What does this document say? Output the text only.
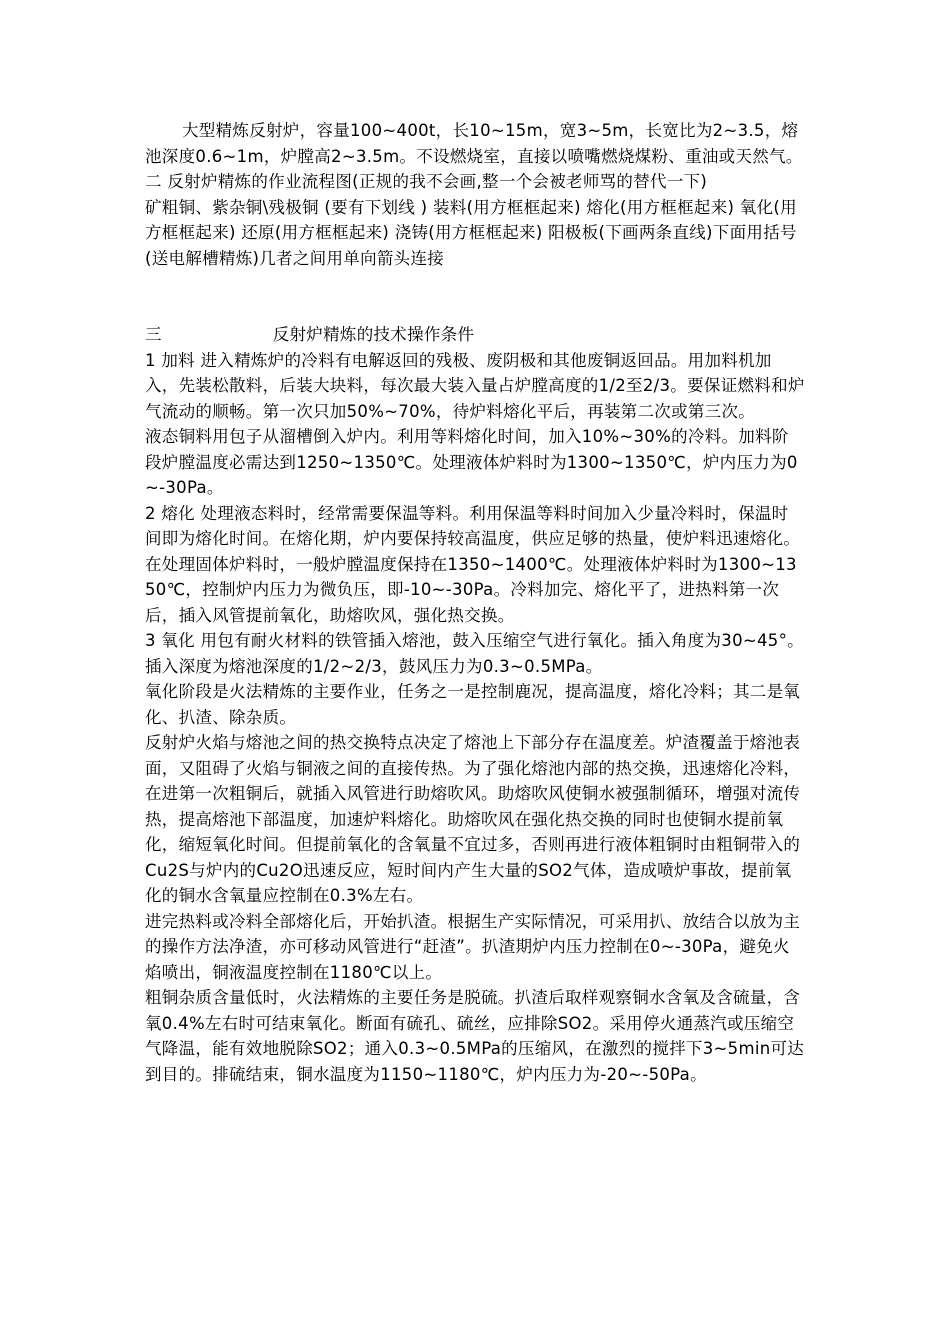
大型精炼反射炉，容量100~400t，长10~15m，宽3~5m，长宽比为2~3.5，熔池深度0.6~1m，炉膛高2~3.5m。不设燃烧室，直接以喷嘴燃烧煤粉、重油或天然气。

二 反射炉精炼的作业流程图(正规的我不会画,整一个会被老师骂的替代一下)

矿粗铜、紫杂铜\残极铜 (要有下划线 ) 装料(用方框框起来) 熔化(用方框框起来) 氧化(用方框框起来) 还原(用方框框起来) 浇铸(用方框框起来) 阳极板(下画两条直线)下面用括号(送电解槽精炼)几者之间用单向箭头连接

三                    反射炉精炼的技术操作条件

1 加料 进入精炼炉的冷料有电解返回的残极、废阴极和其他废铜返回品。用加料机加入，先装松散料，后装大块料，每次最大装入量占炉膛高度的1/2至2/3。要保证燃料和炉气流动的顺畅。第一次只加50%~70%，待炉料熔化平后，再装第二次或第三次。

液态铜料用包子从溜槽倒入炉内。利用等料熔化时间，加入10%~30%的冷料。加料阶段炉膛温度必需达到1250~1350℃。处理液体炉料时为1300~1350℃，炉内压力为0~-30Pa。

2 熔化 处理液态料时，经常需要保温等料。利用保温等料时间加入少量冷料时，保温时间即为熔化时间。在熔化期，炉内要保持较高温度，供应足够的热量，使炉料迅速熔化。在处理固体炉料时，一般炉膛温度保持在1350~1400℃。处理液体炉料时为1300~1350℃，控制炉内压力为微负压，即-10~-30Pa。冷料加完、熔化平了，进热料第一次后，插入风管提前氧化，助熔吹风，强化热交换。

3 氧化 用包有耐火材料的铁管插入熔池，鼓入压缩空气进行氧化。插入角度为30~45°。插入深度为熔池深度的1/2~2/3，鼓风压力为0.3~0.5MPa。

氧化阶段是火法精炼的主要作业，任务之一是控制鹿况，提高温度，熔化冷料；其二是氧化、扒渣、除杂质。

反射炉火焰与熔池之间的热交换特点决定了熔池上下部分存在温度差。炉渣覆盖于熔池表面，又阻碍了火焰与铜液之间的直接传热。为了强化熔池内部的热交换，迅速熔化冷料，在进第一次粗铜后，就插入风管进行助熔吹风。助熔吹风使铜水被强制循环，增强对流传热，提高熔池下部温度，加速炉料熔化。助熔吹风在强化热交换的同时也使铜水提前氧化，缩短氧化时间。但提前氧化的含氧量不宜过多，否则再进行液体粗铜时由粗铜带入的Cu2S与炉内的Cu2O迅速反应，短时间内产生大量的SO2气体，造成喷炉事故，提前氧化的铜水含氧量应控制在0.3%左右。

进完热料或冷料全部熔化后，开始扒渣。根据生产实际情况，可采用扒、放结合以放为主的操作方法净渣，亦可移动风管进行“赶渣”。扒渣期炉内压力控制在0~-30Pa，避免火焰喷出，铜液温度控制在1180℃以上。

粗铜杂质含量低时，火法精炼的主要任务是脱硫。扒渣后取样观察铜水含氧及含硫量，含氧0.4%左右时可结束氧化。断面有硫孔、硫丝，应排除SO2。采用停火通蒸汽或压缩空气降温，能有效地脱除SO2；通入0.3~0.5MPa的压缩风，在激烈的搅拌下3~5min可达到目的。排硫结束，铜水温度为1150~1180℃，炉内压力为-20~-50Pa。
